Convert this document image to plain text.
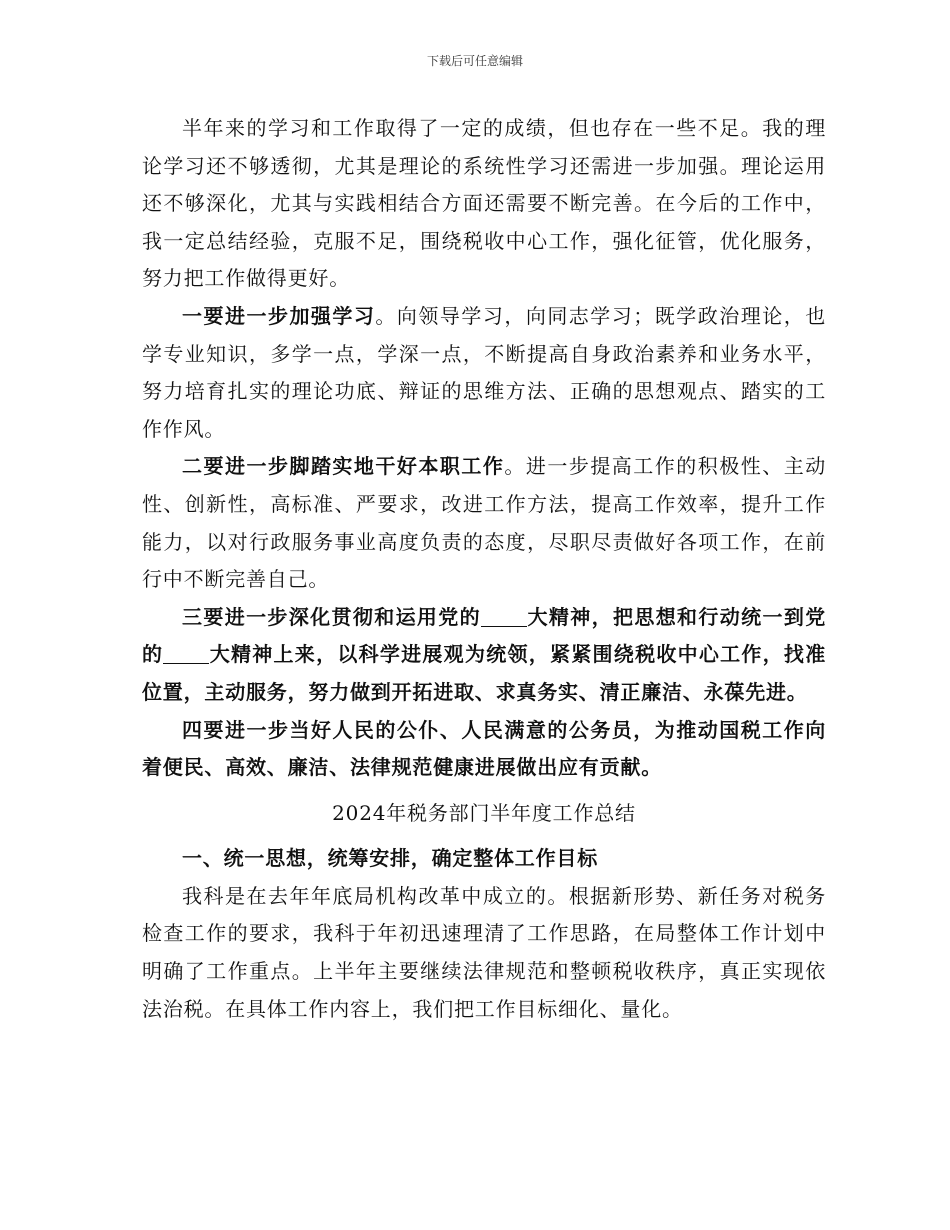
下载后可任意编辑

半年来的学习和工作取得了一定的成绩，但也存在一些不足。我的理论学习还不够透彻，尤其是理论的系统性学习还需进一步加强。理论运用还不够深化，尤其与实践相结合方面还需要不断完善。在今后的工作中，我一定总结经验，克服不足，围绕税收中心工作，强化征管，优化服务，努力把工作做得更好。

一要进一步加强学习。向领导学习，向同志学习；既学政治理论，也学专业知识，多学一点，学深一点，不断提高自身政治素养和业务水平，努力培育扎实的理论功底、辩证的思维方法、正确的思想观点、踏实的工作作风。

二要进一步脚踏实地干好本职工作。进一步提高工作的积极性、主动性、创新性，高标准、严要求，改进工作方法，提高工作效率，提升工作能力，以对行政服务事业高度负责的态度，尽职尽责做好各项工作，在前行中不断完善自己。

三要进一步深化贯彻和运用党的 大精神，把思想和行动统一到党的 大精神上来，以科学进展观为统领，紧紧围绕税收中心工作，找准位置，主动服务，努力做到开拓进取、求真务实、清正廉洁、永葆先进。

四要进一步当好人民的公仆、人民满意的公务员，为推动国税工作向着便民、高效、廉洁、法律规范健康进展做出应有贡献。

2024年税务部门半年度工作总结

一、统一思想，统筹安排，确定整体工作目标

我科是在去年年底局机构改革中成立的。根据新形势、新任务对税务检查工作的要求，我科于年初迅速理清了工作思路，在局整体工作计划中明确了工作重点。上半年主要继续法律规范和整顿税收秩序，真正实现依法治税。在具体工作内容上，我们把工作目标细化、量化。
